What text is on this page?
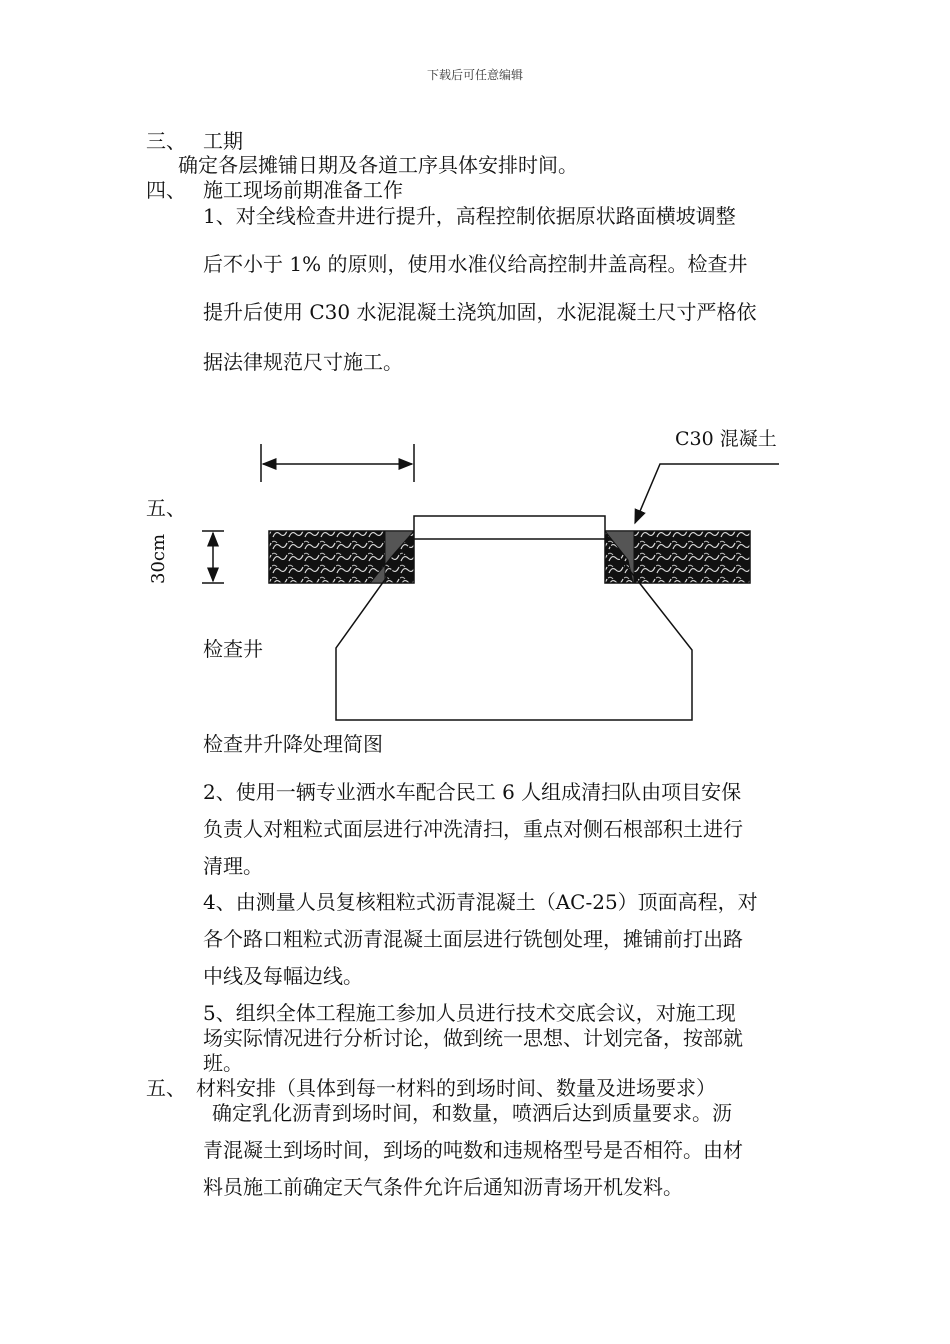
下载后可任意编辑
三、 工期
确定各层摊铺日期及各道工序具体安排时间。
四、 施工现场前期准备工作
1、对全线检查井进行提升，高程控制依据原状路面横坡调整
后不小于 1% 的原则，使用水准仪给高控制井盖高程。检查井
提升后使用 C30 水泥混凝土浇筑加固，水泥混凝土尺寸严格依
据法律规范尺寸施工。
C30 混凝土
五、
30cm
检查井
检查井升降处理简图
2、使用一辆专业洒水车配合民工 6 人组成清扫队由项目安保
负责人对粗粒式面层进行冲洗清扫，重点对侧石根部积土进行
清理。
4、由测量人员复核粗粒式沥青混凝土（AC-25）顶面高程，对
各个路口粗粒式沥青混凝土面层进行铣刨处理，摊铺前打出路
中线及每幅边线。
5、组织全体工程施工参加人员进行技术交底会议，对施工现
场实际情况进行分析讨论，做到统一思想、计划完备，按部就
班。
五、 材料安排（具体到每一材料的到场时间、数量及进场要求）
确定乳化沥青到场时间，和数量，喷洒后达到质量要求。沥
青混凝土到场时间，到场的吨数和违规格型号是否相符。由材
料员施工前确定天气条件允许后通知沥青场开机发料。
